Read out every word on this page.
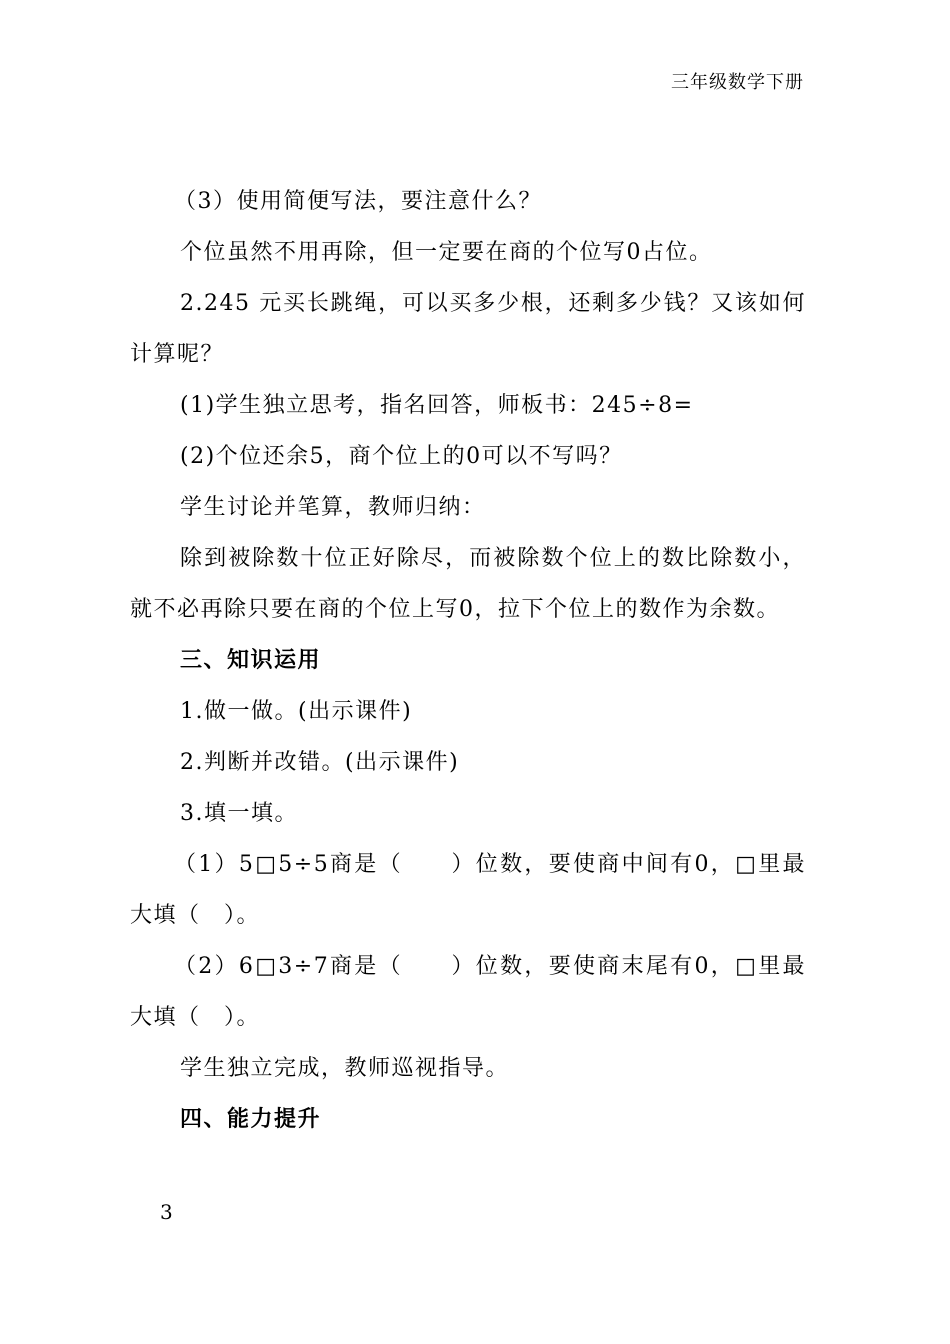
三年级数学下册

（3）使用简便写法，要注意什么？

个位虽然不用再除，但一定要在商的个位写0占位。

2.245 元买长跳绳，可以买多少根，还剩多少钱？又该如何计算呢？

(1)学生独立思考，指名回答，师板书：245÷8=

(2)个位还余5，商个位上的0可以不写吗？

学生讨论并笔算，教师归纳：

除到被除数十位正好除尽，而被除数个位上的数比除数小，就不必再除只要在商的个位上写0，拉下个位上的数作为余数。

三、知识运用

1.做一做。(出示课件)

2.判断并改错。(出示课件)

3.填一填。

（1）5□5÷5商是（　　）位数，要使商中间有0，□里最大填（　）。

（2）6□3÷7商是（　　）位数，要使商末尾有0，□里最大填（　）。

学生独立完成，教师巡视指导。

四、能力提升

3
